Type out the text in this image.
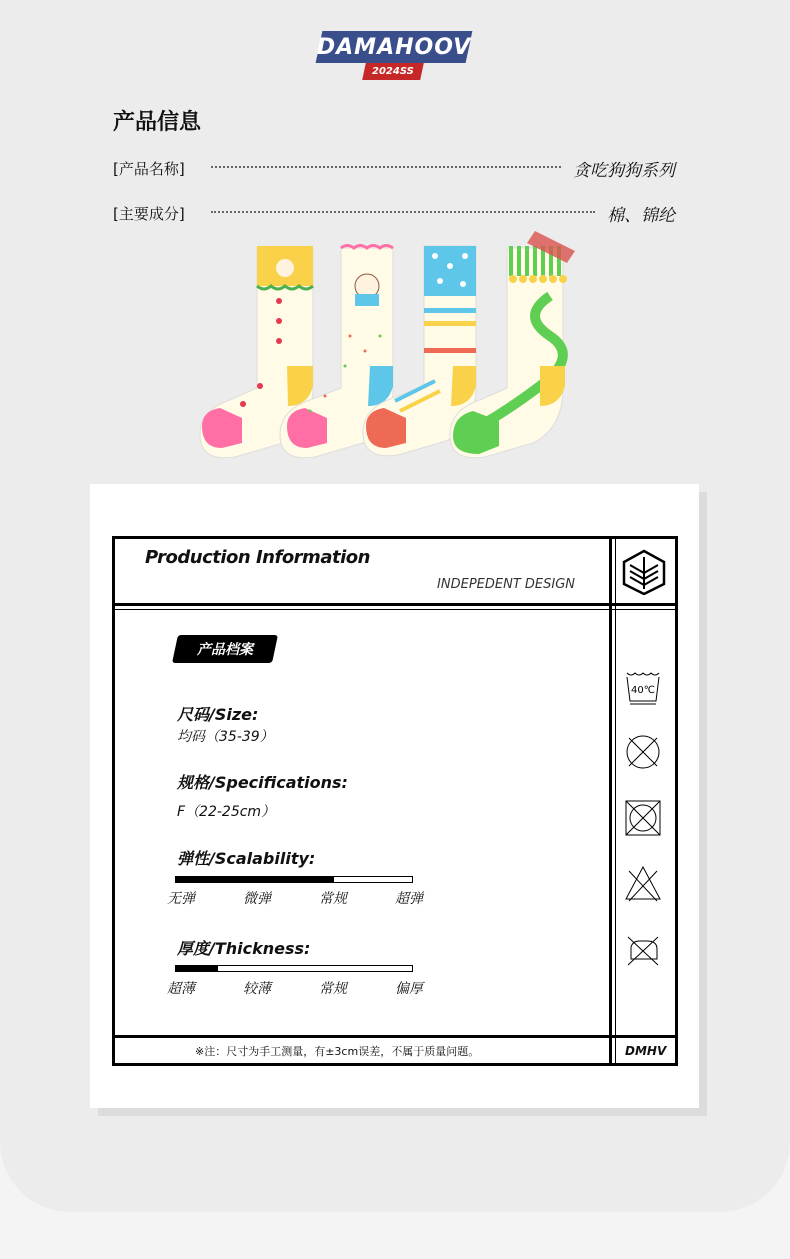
DAMAHOOV
2024SS
产品信息
[产品名称]	贪吃狗狗系列
[主要成分]	棉、锦纶
Production Information
INDEPEDENT DESIGN
产品档案
尺码/Size:
均码（35-39）
规格/Specifications:
F（22-25cm）
弹性/Scalability:
无弹	微弹	常规	超弹
厚度/Thickness:
超薄	较薄	常规	偏厚
40℃
※注：尺寸为手工测量，有±3cm误差，不属于质量问题。	DMHV
